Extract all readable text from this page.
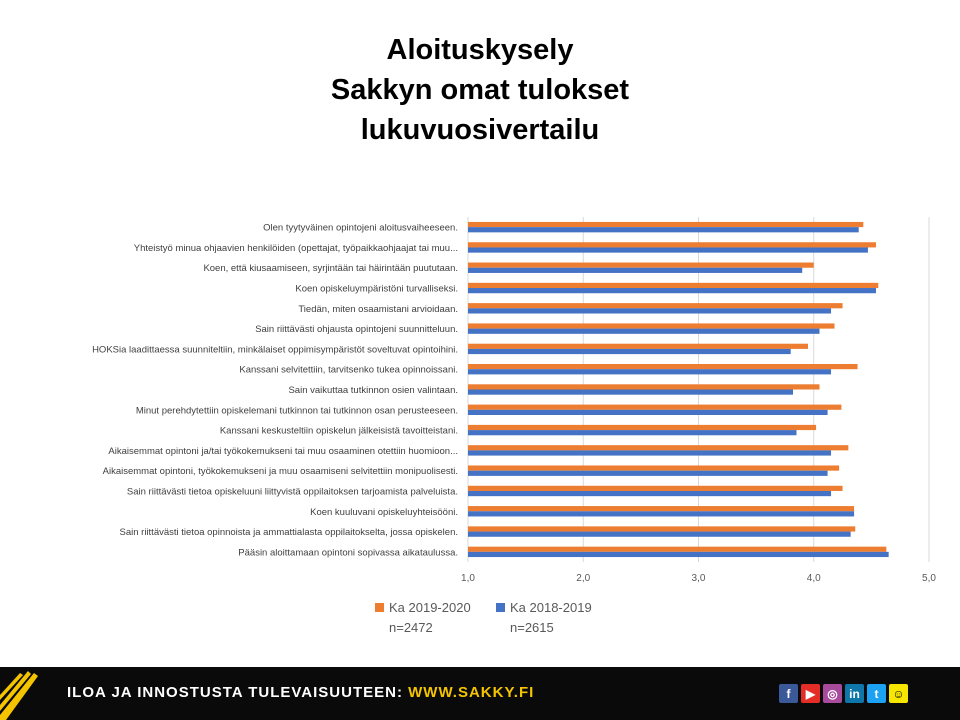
Aloituskysely
Sakkyn omat tulokset
lukuvuosivertailu
Olen tyytyväinen opintojeni aloitusvaiheeseen.
Yhteistyö minua ohjaavien henkilöiden (opettajat, työpaikkaohjaajat tai muu...
Koen, että kiusaamiseen, syrjintään tai häirintään puututaan.
Koen opiskeluympäristöni turvalliseksi.
Tiedän, miten osaamistani arvioidaan.
Sain riittävästi ohjausta opintojeni suunnitteluun.
HOKSia laadittaessa suunniteltiin, minkälaiset oppimisympäristöt soveltuvat opintoihini.
Kanssani selvitettiin, tarvitsenko tukea opinnoissani.
Sain vaikuttaa tutkinnon osien valintaan.
Minut perehdytettiin opiskelemani tutkinnon tai tutkinnon osan perusteeseen.
Kanssani keskusteltiin opiskelun jälkeisistä tavoitteistani.
Aikaisemmat opintoni ja/tai työkokemukseni tai muu osaaminen otettiin huomioon...
Aikaisemmat opintoni, työkokemukseni ja muu osaamiseni selvitettiin monipuolisesti.
Sain riittävästi tietoa opiskeluuni liittyvistä oppilaitoksen tarjoamista palveluista.
Koen kuuluvani opiskeluyhteisööni.
Sain riittävästi tietoa opinnoista ja ammattialasta oppilaitokselta, jossa opiskelen.
Pääsin aloittamaan opintoni sopivassa aikataulussa.
1,0	2,0	3,0	4,0	5,0
Ka 2019-2020
n=2472
Ka 2018-2019
n=2615
ILOA JA INNOSTUSTA TULEVAISUUTEEN: WWW.SAKKY.FI	f	▶	◎ in	t	☺
